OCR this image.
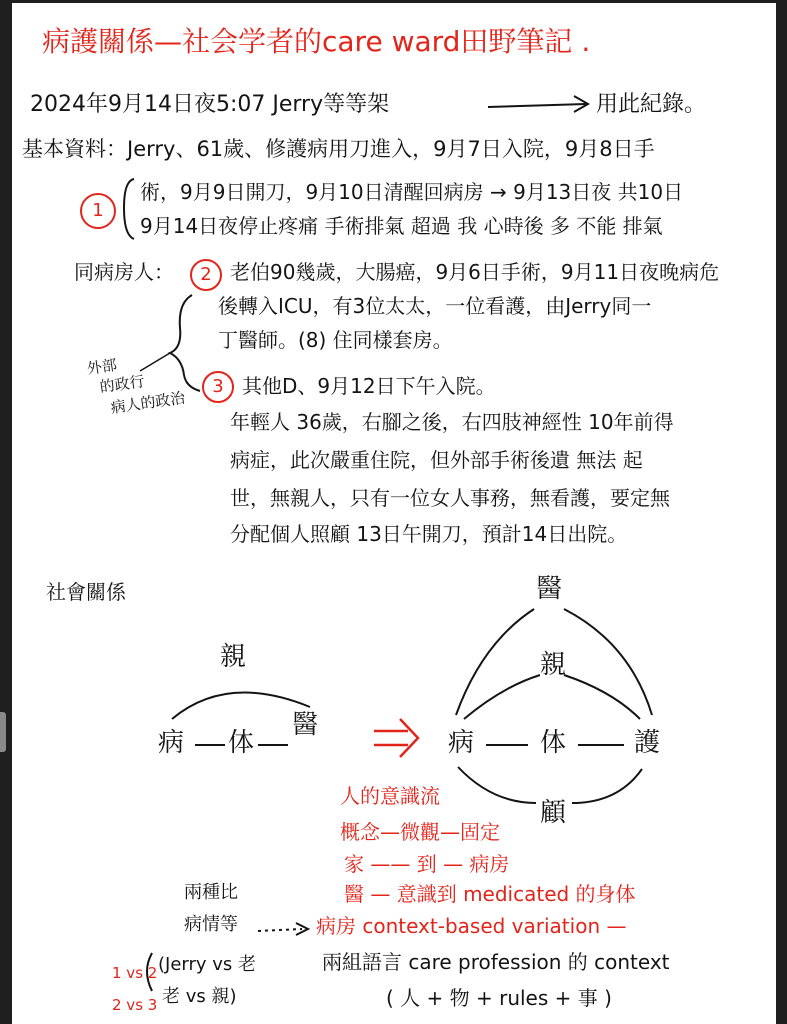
病護關係—社会学者的care ward田野筆記 .
2024年9月14日夜5:07 Jerry等等架	用此紀錄。
基本資料：Jerry、61歲、修護病用刀進入，9月7日入院，9月8日手
1
術，9月9日開刀，9月10日清醒回病房 → 9月13日夜 共10日
9月14日夜停止疼痛 手術排氣 超過 我 心時後 多 不能 排氣
同病房人：	2 老伯90幾歲，大腸癌，9月6日手術，9月11日夜晚病危
後轉入ICU，有3位太太，一位看護，由Jerry同一
丁醫師。(8) 住同樣套房。
外部
的政行
病人的政治
3 其他D、9月12日下午入院。
年輕人 36歲，右腳之後，右四肢神經性 10年前得
病症，此次嚴重住院，但外部手術後遺 無法 起
世，無親人，只有一位女人事務，無看護，要定無
分配個人照顧 13日午開刀，預計14日出院。
社會關係
親
病 体
醫
醫
親
病	体	護
顧
人的意識流
概念—微觀—固定
家 —— 到 — 病房
醫 — 意識到 medicated 的身体
兩種比
病情等	病房 context-based variation —
兩組語言 care profession 的 context
( 人 + 物 + rules + 事 )
1 vs 2
2 vs 3
(Jerry vs 老
老 vs 親)
